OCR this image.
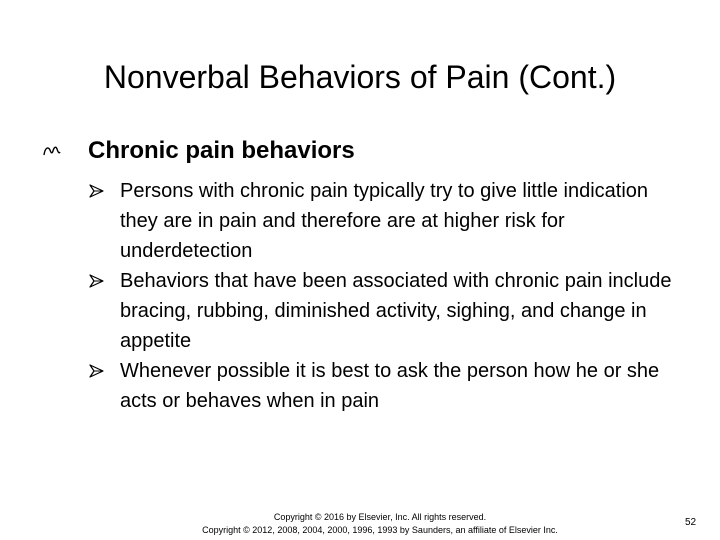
Nonverbal Behaviors of Pain (Cont.)
Chronic pain behaviors
Persons with chronic pain typically try to give little indication they are in pain and therefore are at higher risk for underdetection
Behaviors that have been associated with chronic pain include bracing, rubbing, diminished activity, sighing, and change in appetite
Whenever possible it is best to ask the person how he or she acts or behaves when in pain
Copyright © 2016 by Elsevier, Inc. All rights reserved.
Copyright © 2012, 2008, 2004, 2000, 1996, 1993 by Saunders, an affiliate of Elsevier Inc.
52
